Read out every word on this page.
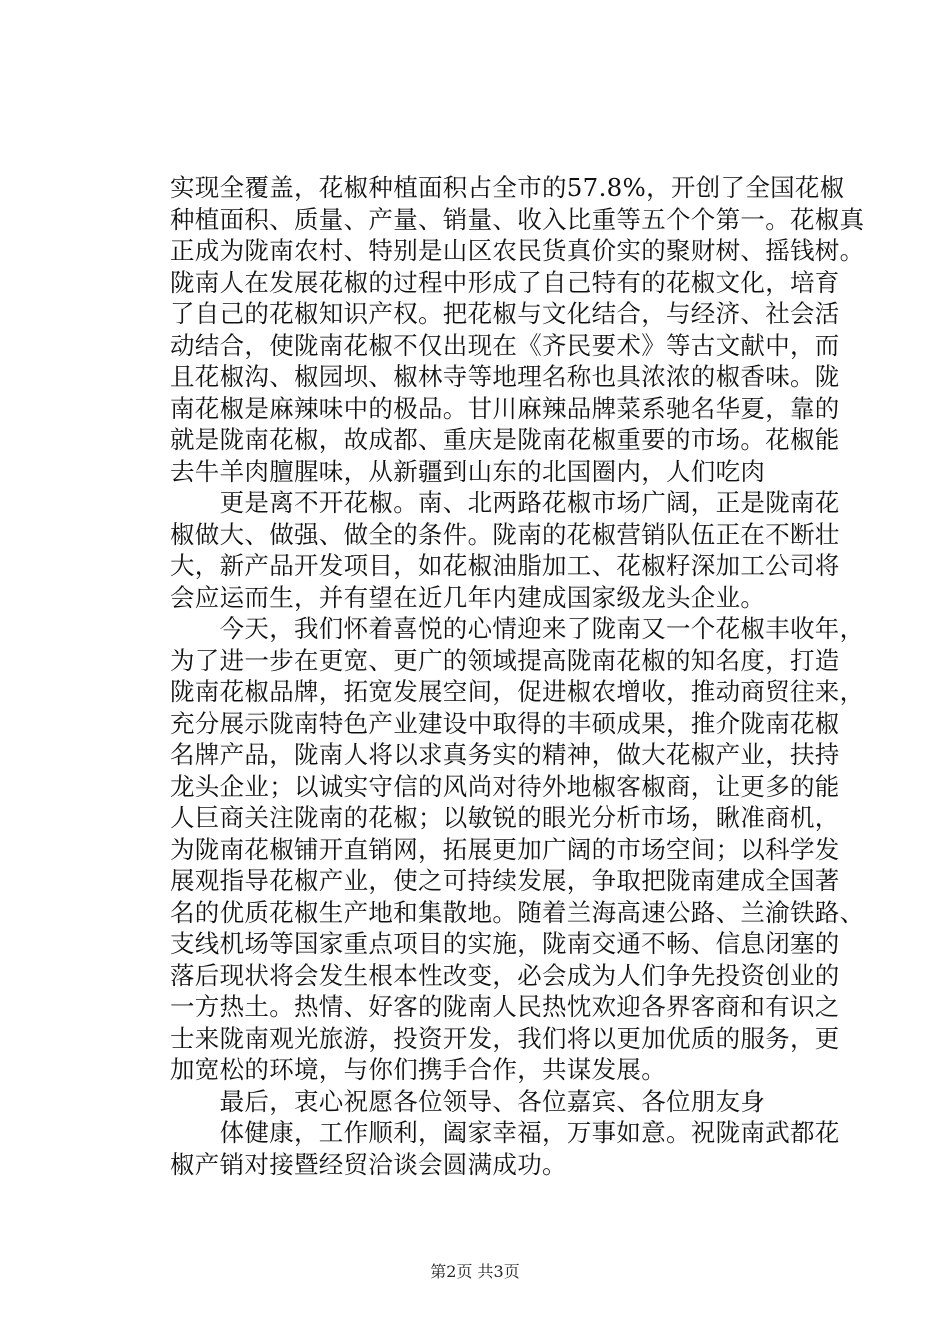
实现全覆盖，花椒种植面积占全市的57.8%，开创了全国花椒
种植面积、质量、产量、销量、收入比重等五个个第一。花椒真
正成为陇南农村、特别是山区农民货真价实的聚财树、摇钱树。
陇南人在发展花椒的过程中形成了自己特有的花椒文化，培育
了自己的花椒知识产权。把花椒与文化结合，与经济、社会活
动结合，使陇南花椒不仅出现在《齐民要术》等古文献中，而
且花椒沟、椒园坝、椒林寺等地理名称也具浓浓的椒香味。陇
南花椒是麻辣味中的极品。甘川麻辣品牌菜系驰名华夏，靠的
就是陇南花椒，故成都、重庆是陇南花椒重要的市场。花椒能
去牛羊肉膻腥味，从新疆到山东的北国圈内，人们吃肉
　　更是离不开花椒。南、北两路花椒市场广阔，正是陇南花
椒做大、做强、做全的条件。陇南的花椒营销队伍正在不断壮
大，新产品开发项目，如花椒油脂加工、花椒籽深加工公司将
会应运而生，并有望在近几年内建成国家级龙头企业。
　　今天，我们怀着喜悦的心情迎来了陇南又一个花椒丰收年，
为了进一步在更宽、更广的领域提高陇南花椒的知名度，打造
陇南花椒品牌，拓宽发展空间，促进椒农增收，推动商贸往来，
充分展示陇南特色产业建设中取得的丰硕成果，推介陇南花椒
名牌产品，陇南人将以求真务实的精神，做大花椒产业，扶持
龙头企业；以诚实守信的风尚对待外地椒客椒商，让更多的能
人巨商关注陇南的花椒；以敏锐的眼光分析市场，瞅准商机，
为陇南花椒铺开直销网，拓展更加广阔的市场空间；以科学发
展观指导花椒产业，使之可持续发展，争取把陇南建成全国著
名的优质花椒生产地和集散地。随着兰海高速公路、兰渝铁路、
支线机场等国家重点项目的实施，陇南交通不畅、信息闭塞的
落后现状将会发生根本性改变，必会成为人们争先投资创业的
一方热土。热情、好客的陇南人民热忱欢迎各界客商和有识之
士来陇南观光旅游，投资开发，我们将以更加优质的服务，更
加宽松的环境，与你们携手合作，共谋发展。
　　最后，衷心祝愿各位领导、各位嘉宾、各位朋友身
　　体健康，工作顺利，阖家幸福，万事如意。祝陇南武都花
椒产销对接暨经贸洽谈会圆满成功。
第2页 共3页
